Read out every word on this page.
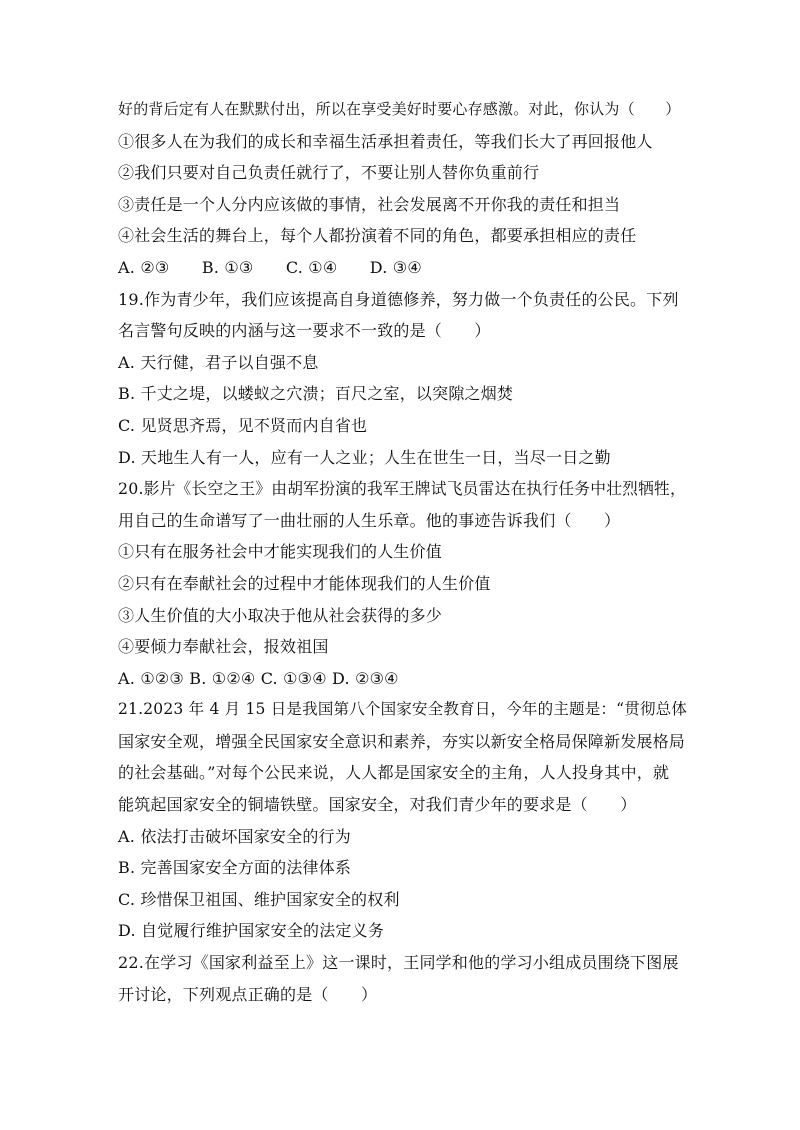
好的背后定有人在默默付出，所以在享受美好时要心存感激。对此，你认为（　　）
①很多人在为我们的成长和幸福生活承担着责任，等我们长大了再回报他人
②我们只要对自己负责任就行了，不要让别人替你负重前行
③责任是一个人分内应该做的事情，社会发展离不开你我的责任和担当
④社会生活的舞台上，每个人都扮演着不同的角色，都要承担相应的责任
A. ②③　　B. ①③　　C. ①④　　D. ③④
19.作为青少年，我们应该提高自身道德修养，努力做一个负责任的公民。下列
名言警句反映的内涵与这一要求不一致的是（　　）
A. 天行健，君子以自强不息
B. 千丈之堤，以蝼蚁之穴溃；百尺之室，以突隙之烟焚
C. 见贤思齐焉，见不贤而内自省也
D. 天地生人有一人，应有一人之业；人生在世生一日，当尽一日之勤
20.影片《长空之王》由胡军扮演的我军王牌试飞员雷达在执行任务中壮烈牺牲，
用自己的生命谱写了一曲壮丽的人生乐章。他的事迹告诉我们（　　）
①只有在服务社会中才能实现我们的人生价值
②只有在奉献社会的过程中才能体现我们的人生价值
③人生价值的大小取决于他从社会获得的多少
④要倾力奉献社会，报效祖国
A. ①②③ B. ①②④ C. ①③④ D. ②③④
21.2023 年 4 月 15 日是我国第八个国家安全教育日，今年的主题是：“贯彻总体
国家安全观，增强全民国家安全意识和素养，夯实以新安全格局保障新发展格局
的社会基础。”对每个公民来说，人人都是国家安全的主角，人人投身其中，就
能筑起国家安全的铜墙铁壁。国家安全，对我们青少年的要求是（　　）
A. 依法打击破坏国家安全的行为
B. 完善国家安全方面的法律体系
C. 珍惜保卫祖国、维护国家安全的权利
D. 自觉履行维护国家安全的法定义务
22.在学习《国家利益至上》这一课时，王同学和他的学习小组成员围绕下图展
开讨论，下列观点正确的是（　　）
